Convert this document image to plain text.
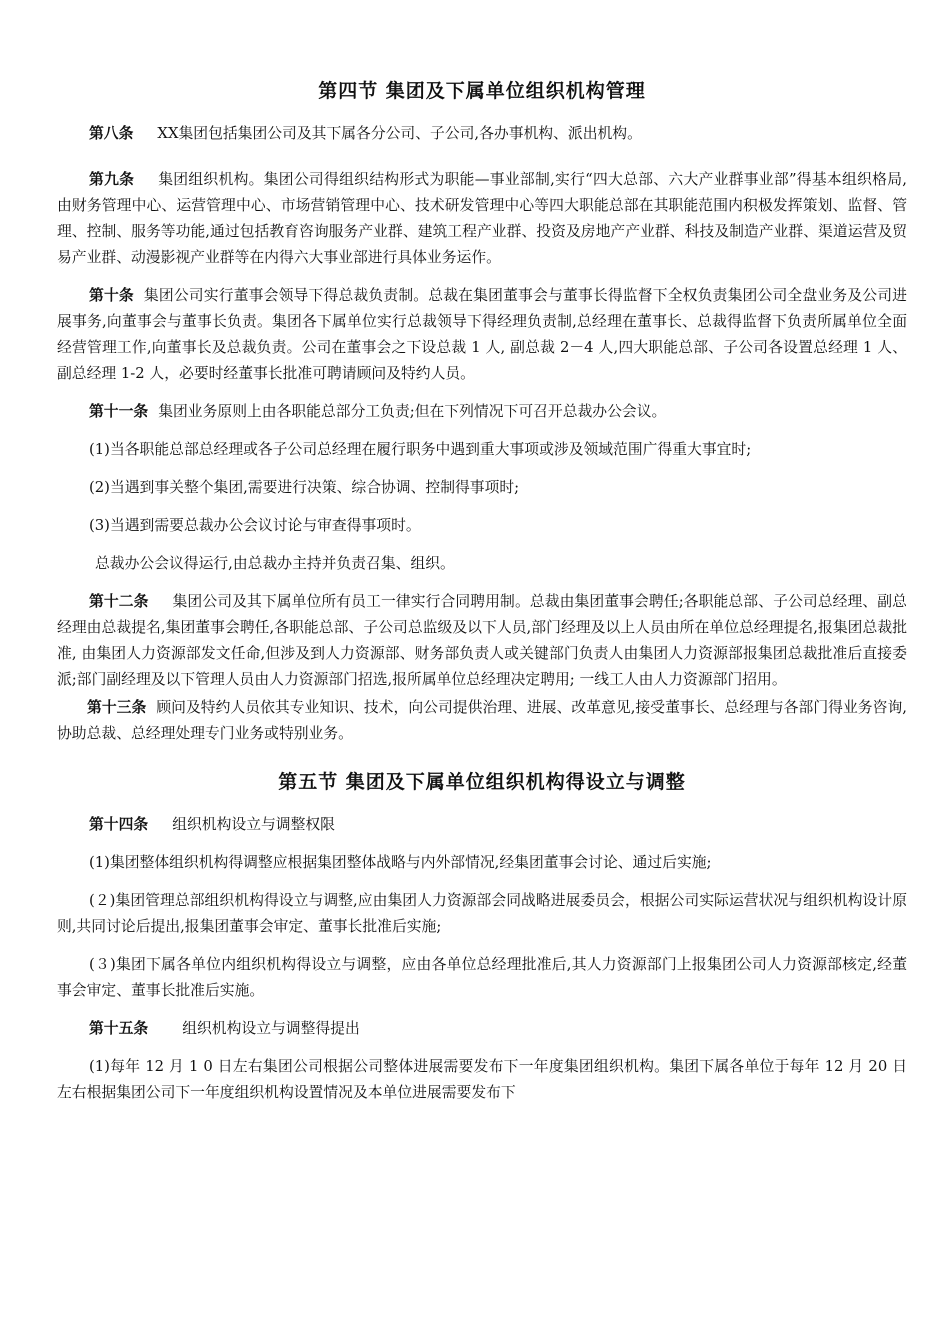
第四节 集团及下属单位组织机构管理

第八条 XX集团包括集团公司及其下属各分公司、子公司,各办事机构、派出机构。

第九条 集团组织机构。集团公司得组织结构形式为职能—事业部制,实行“四大总部、六大产业群事业部”得基本组织格局, 由财务管理中心、运营管理中心、市场营销管理中心、技术研发管理中心等四大职能总部在其职能范围内积极发挥策划、监督、管理、控制、服务等功能,通过包括教育咨询服务产业群、建筑工程产业群、投资及房地产产业群、科技及制造产业群、渠道运营及贸易产业群、动漫影视产业群等在内得六大事业部进行具体业务运作。

第十条 集团公司实行董事会领导下得总裁负责制。总裁在集团董事会与董事长得监督下全权负责集团公司全盘业务及公司进展事务,向董事会与董事长负责。集团各下属单位实行总裁领导下得经理负责制,总经理在董事长、总裁得监督下负责所属单位全面经营管理工作,向董事长及总裁负责。公司在董事会之下设总裁 1 人, 副总裁 2－4 人,四大职能总部、子公司各设置总经理 1 人、副总经理 1-2 人，必要时经董事长批准可聘请顾问及特约人员。

第十一条 集团业务原则上由各职能总部分工负责;但在下列情况下可召开总裁办公会议。

(1)当各职能总部总经理或各子公司总经理在履行职务中遇到重大事项或涉及领域范围广得重大事宜时;

(2)当遇到事关整个集团,需要进行决策、综合协调、控制得事项时;

(3)当遇到需要总裁办公会议讨论与审查得事项时。

总裁办公会议得运行,由总裁办主持并负责召集、组织。

第十二条 集团公司及其下属单位所有员工一律实行合同聘用制。总裁由集团董事会聘任;各职能总部、子公司总经理、副总经理由总裁提名,集团董事会聘任,各职能总部、子公司总监级及以下人员,部门经理及以上人员由所在单位总经理提名,报集团总裁批准, 由集团人力资源部发文任命,但涉及到人力资源部、财务部负责人或关键部门负责人由集团人力资源部报集团总裁批准后直接委派;部门副经理及以下管理人员由人力资源部门招选,报所属单位总经理决定聘用; 一线工人由人力资源部门招用。

第十三条 顾问及特约人员依其专业知识、技术，向公司提供治理、进展、改革意见,接受董事长、总经理与各部门得业务咨询,协助总裁、总经理处理专门业务或特别业务。

第五节 集团及下属单位组织机构得设立与调整

第十四条 组织机构设立与调整权限

(1)集团整体组织机构得调整应根据集团整体战略与内外部情况,经集团董事会讨论、通过后实施;

(２)集团管理总部组织机构得设立与调整,应由集团人力资源部会同战略进展委员会，根据公司实际运营状况与组织机构设计原则,共同讨论后提出,报集团董事会审定、董事长批准后实施;

(３)集团下属各单位内组织机构得设立与调整，应由各单位总经理批准后,其人力资源部门上报集团公司人力资源部核定,经董事会审定、董事长批准后实施。

第十五条 组织机构设立与调整得提出

(1)每年 12 月 1 0 日左右集团公司根据公司整体进展需要发布下一年度集团组织机构。集团下属各单位于每年 12 月 20 日左右根据集团公司下一年度组织机构设置情况及本单位进展需要发布下
